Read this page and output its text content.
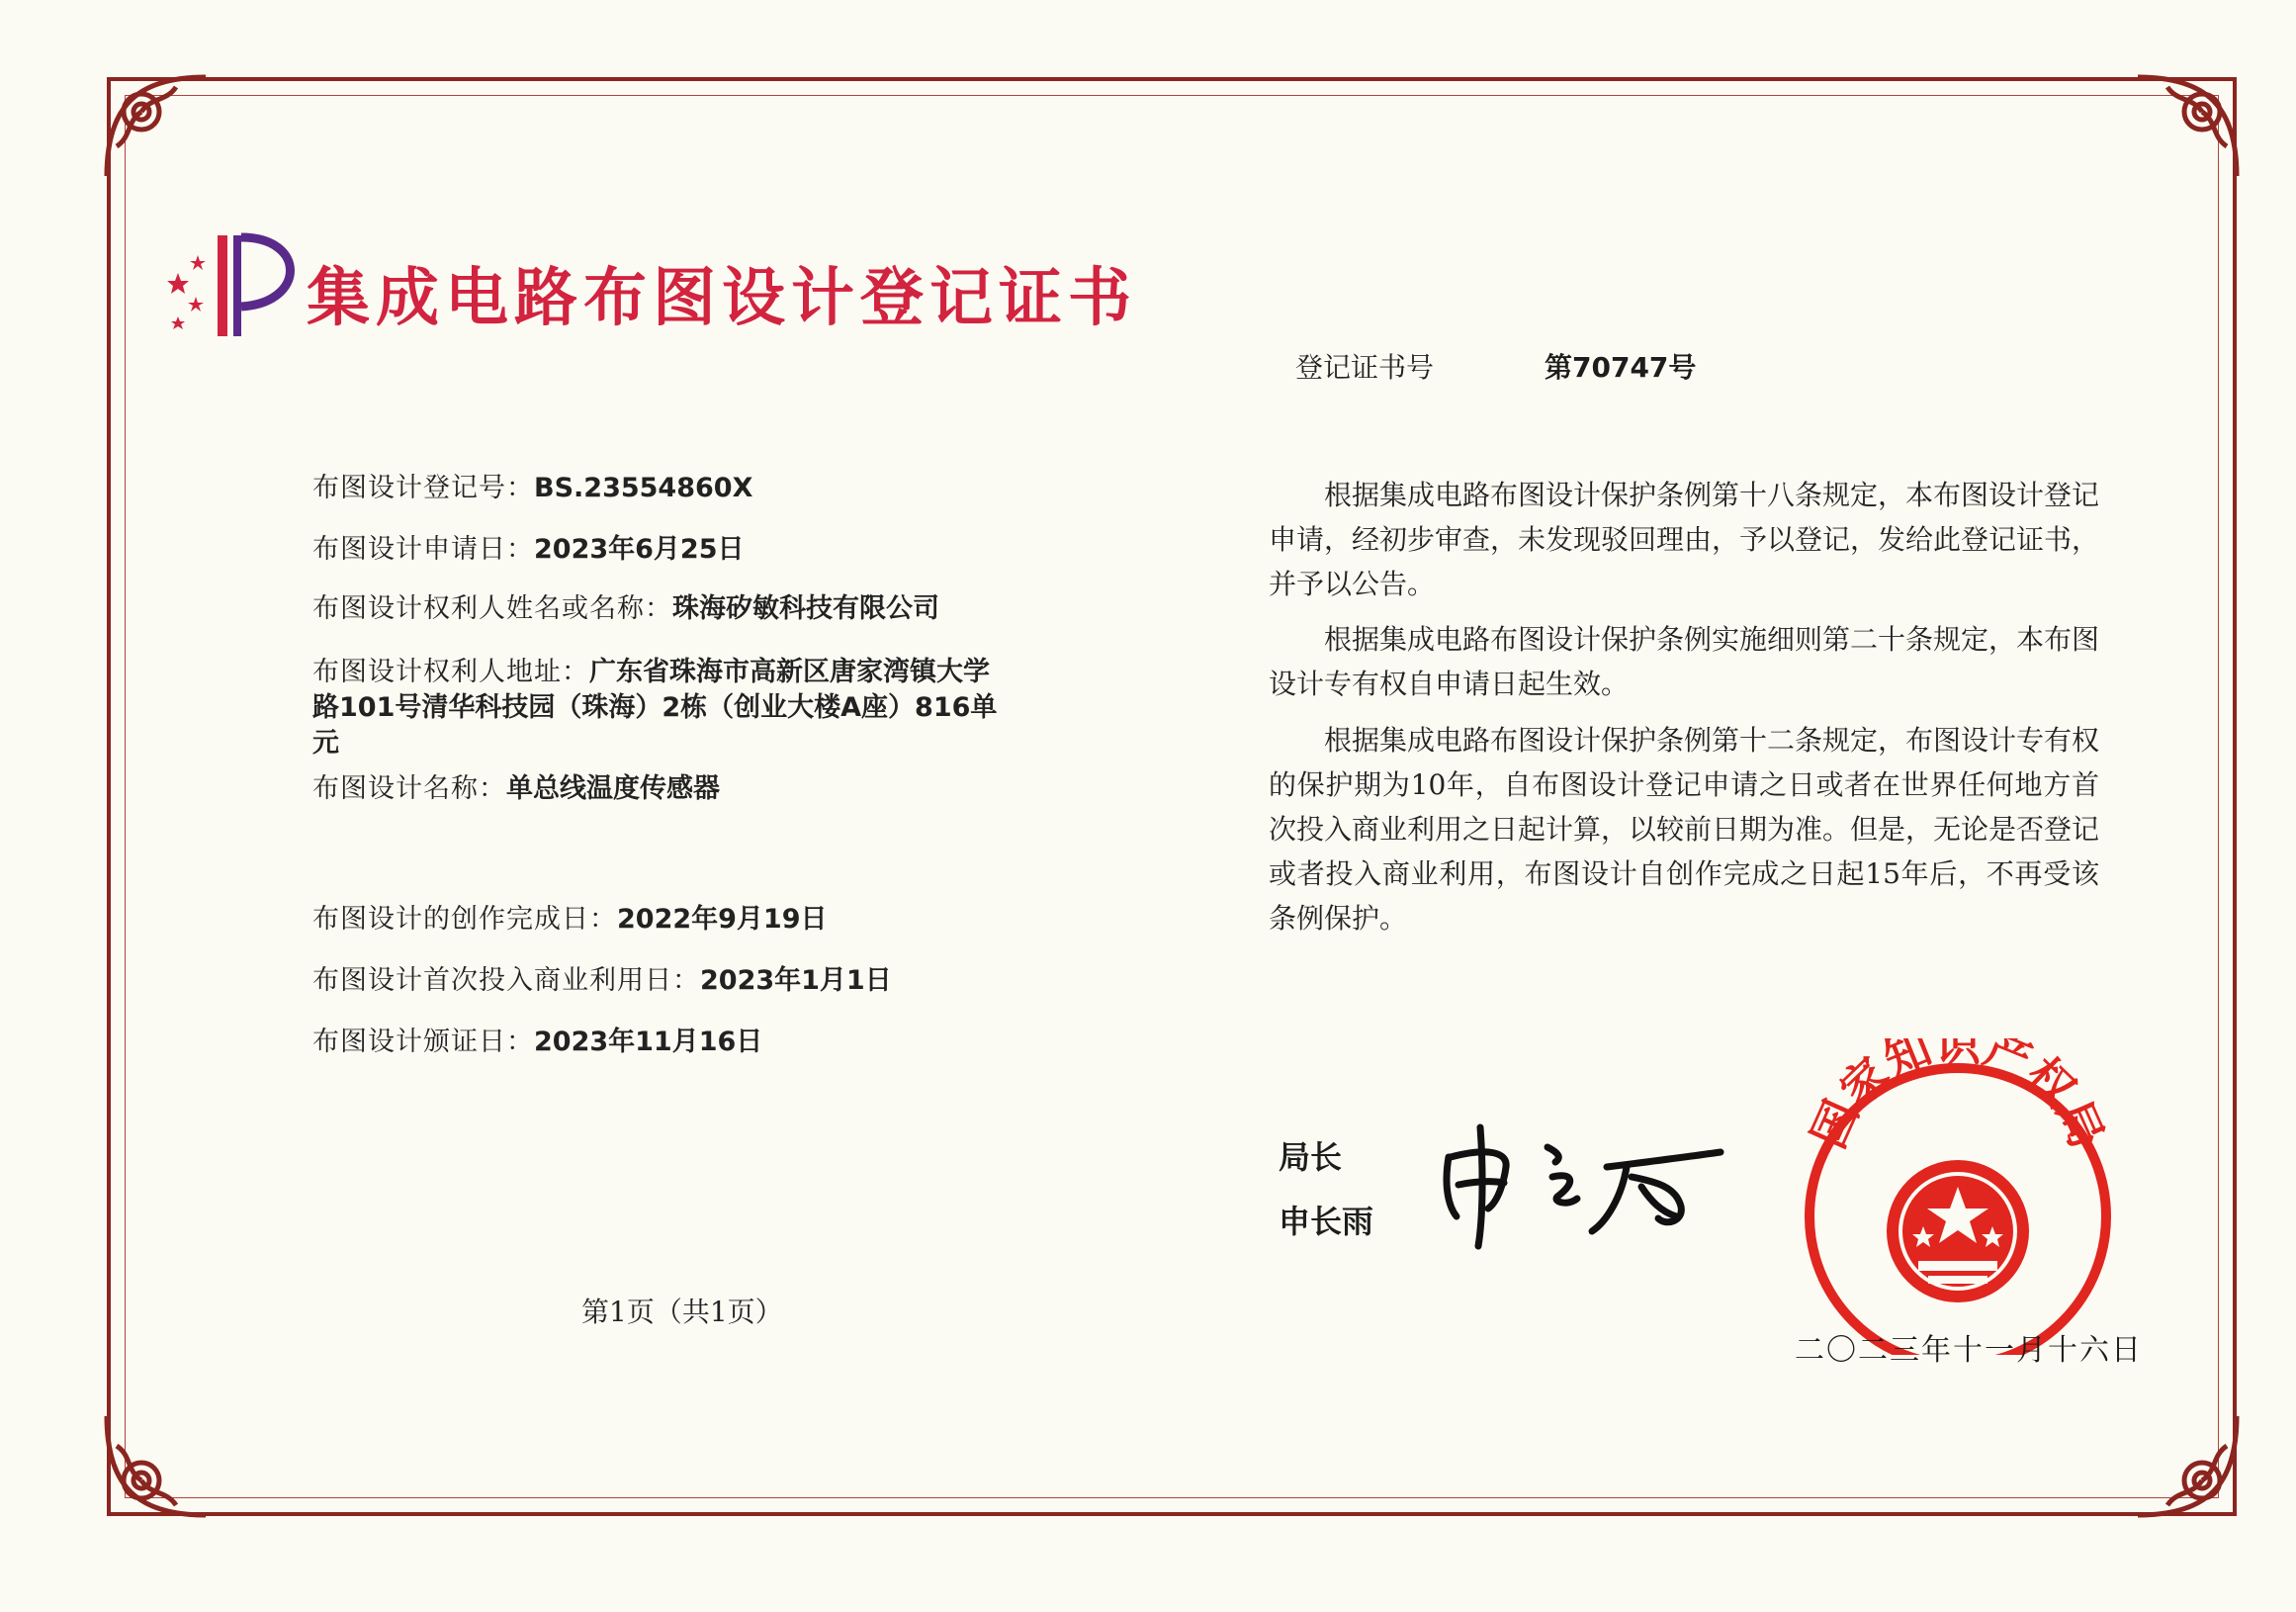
集成电路布图设计登记证书
登记证书号	第70747号
布图设计登记号：BS.23554860X
布图设计申请日：2023年6月25日
布图设计权利人姓名或名称：珠海矽敏科技有限公司
布图设计权利人地址：广东省珠海市高新区唐家湾镇大学路101号清华科技园（珠海）2栋（创业大楼A座）816单元
布图设计名称：单总线温度传感器
布图设计的创作完成日：2022年9月19日
布图设计首次投入商业利用日：2023年1月1日
布图设计颁证日：2023年11月16日
根据集成电路布图设计保护条例第十八条规定，本布图设计登记申请，经初步审查，未发现驳回理由，予以登记，发给此登记证书，并予以公告。
根据集成电路布图设计保护条例实施细则第二十条规定，本布图设计专有权自申请日起生效。
根据集成电路布图设计保护条例第十二条规定，布图设计专有权的保护期为10年，自布图设计登记申请之日或者在世界任何地方首次投入商业利用之日起计算，以较前日期为准。但是，无论是否登记或者投入商业利用，布图设计自创作完成之日起15年后，不再受该条例保护。
局长
申长雨
国家知识产权局
二〇二三年十一月十六日
第1页（共1页）
